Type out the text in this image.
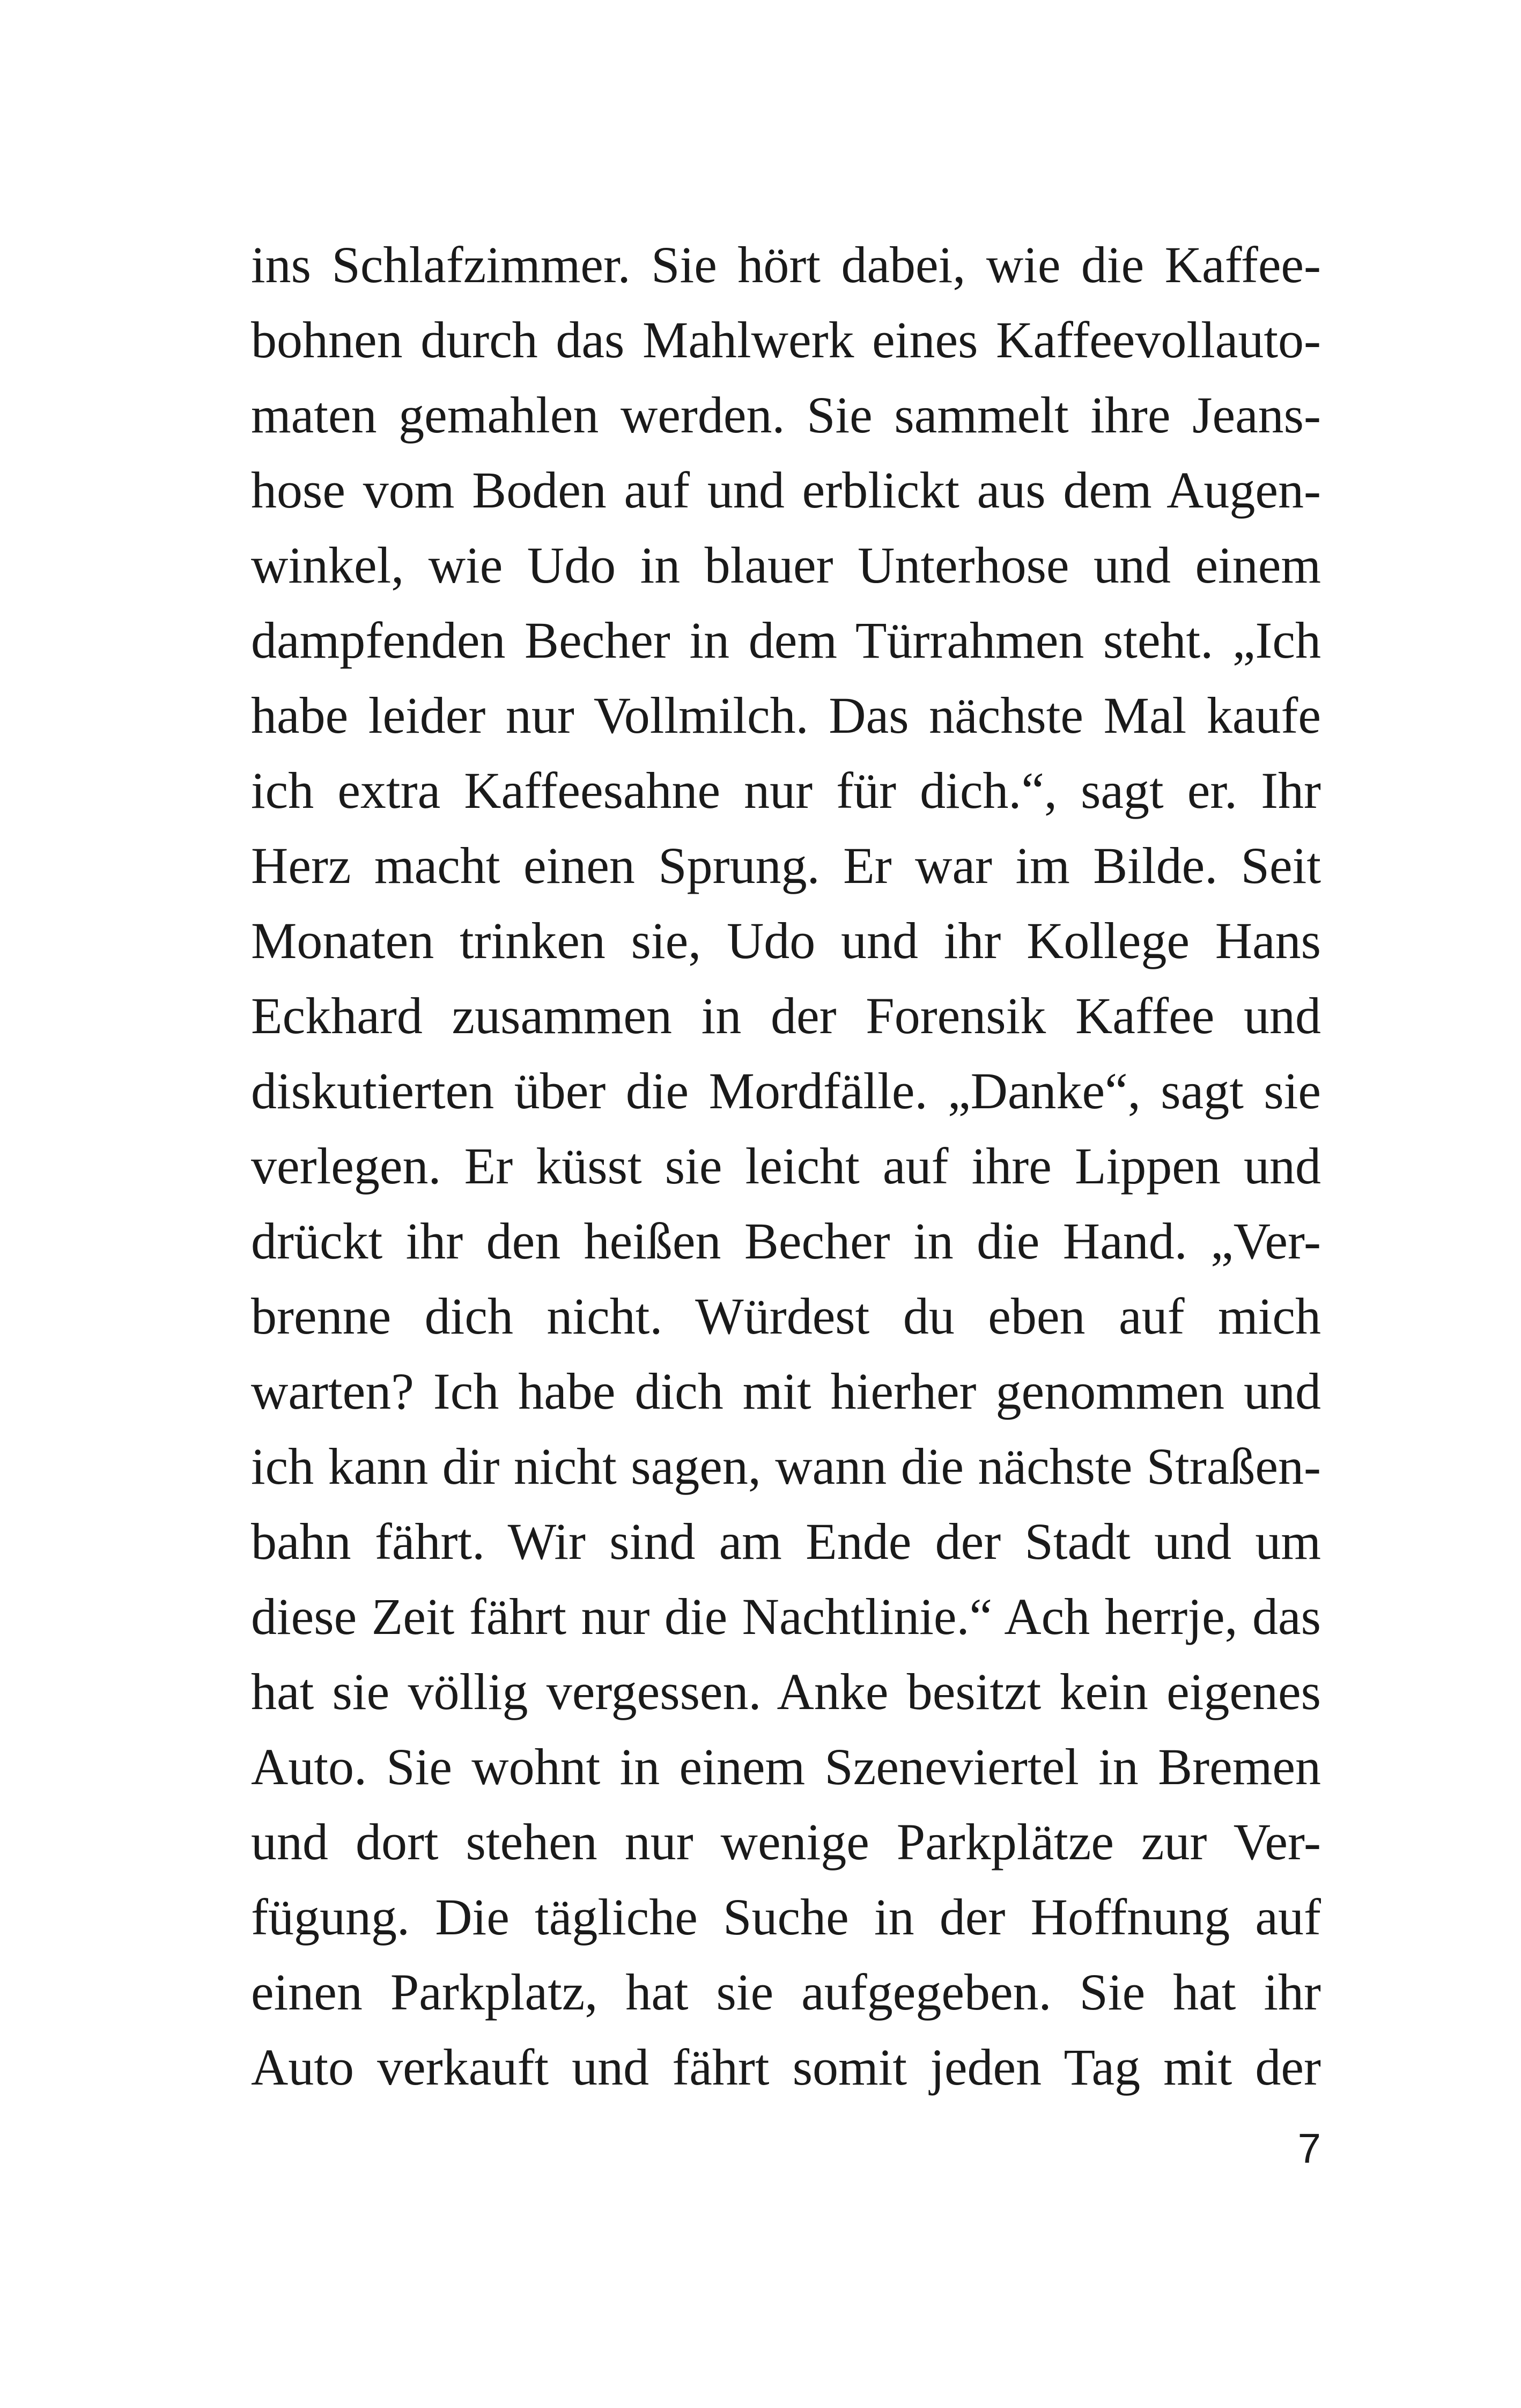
ins Schlafzimmer. Sie hört dabei, wie die Kaffee-
bohnen durch das Mahlwerk eines Kaffeevollauto-
maten gemahlen werden. Sie sammelt ihre Jeans-
hose vom Boden auf und erblickt aus dem Augen-
winkel, wie Udo in blauer Unterhose und einem
dampfenden Becher in dem Türrahmen steht. „Ich
habe leider nur Vollmilch. Das nächste Mal kaufe
ich extra Kaffeesahne nur für dich.“, sagt er. Ihr
Herz macht einen Sprung. Er war im Bilde. Seit
Monaten trinken sie, Udo und ihr Kollege Hans
Eckhard zusammen in der Forensik Kaffee und
diskutierten über die Mordfälle. „Danke“, sagt sie
verlegen. Er küsst sie leicht auf ihre Lippen und
drückt ihr den heißen Becher in die Hand. „Ver-
brenne dich nicht. Würdest du eben auf mich
warten? Ich habe dich mit hierher genommen und
ich kann dir nicht sagen, wann die nächste Straßen-
bahn fährt. Wir sind am Ende der Stadt und um
diese Zeit fährt nur die Nachtlinie.“ Ach herrje, das
hat sie völlig vergessen. Anke besitzt kein eigenes
Auto. Sie wohnt in einem Szeneviertel in Bremen
und dort stehen nur wenige Parkplätze zur Ver-
fügung. Die tägliche Suche in der Hoffnung auf
einen Parkplatz, hat sie aufgegeben. Sie hat ihr
Auto verkauft und fährt somit jeden Tag mit der
7
